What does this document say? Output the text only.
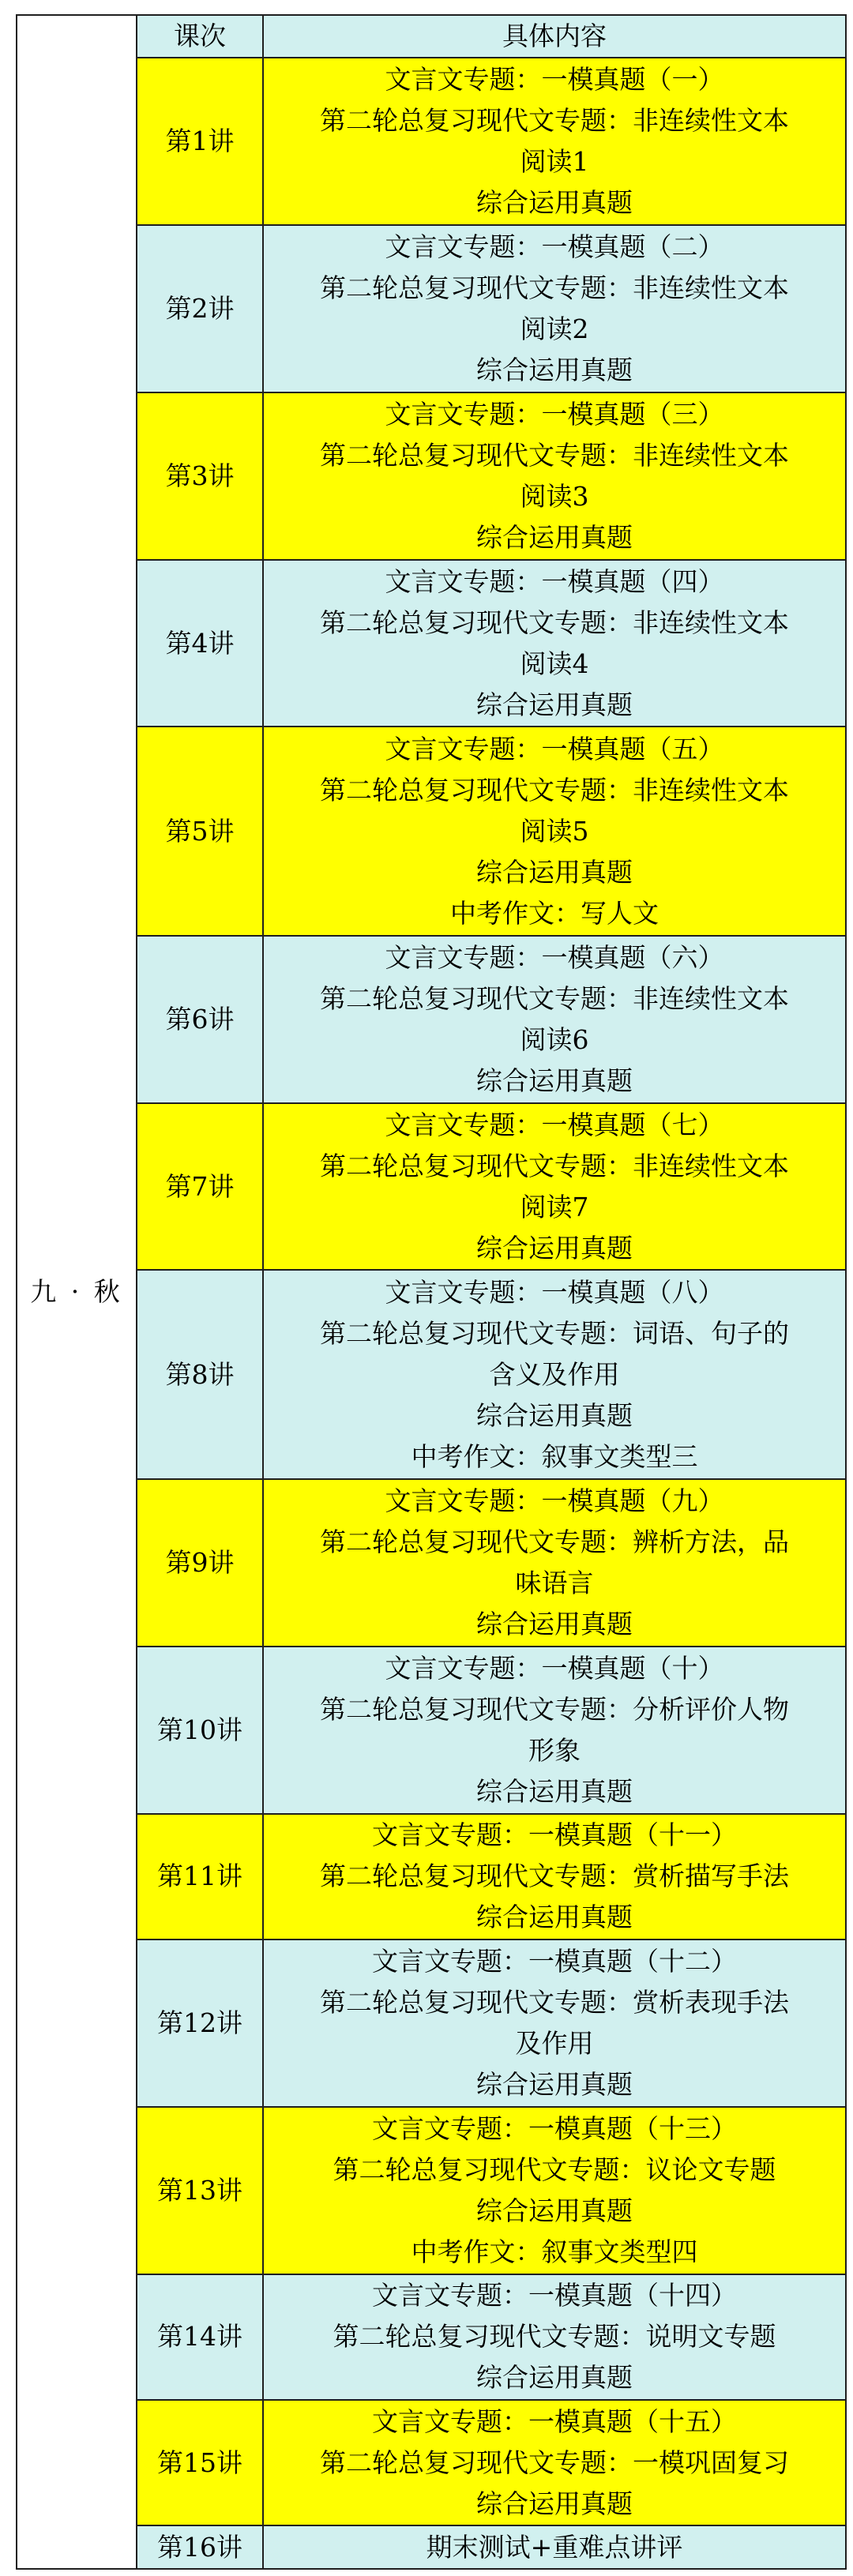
九 · 秋	课次	具体内容
	第1讲	文言文专题：一模真题（一）
第二轮总复习现代文专题：非连续性文本
阅读1
综合运用真题

	第2讲	文言文专题：一模真题（二）
第二轮总复习现代文专题：非连续性文本
阅读2
综合运用真题

	第3讲	文言文专题：一模真题（三）
第二轮总复习现代文专题：非连续性文本
阅读3
综合运用真题

	第4讲	文言文专题：一模真题（四）
第二轮总复习现代文专题：非连续性文本
阅读4
综合运用真题

	第5讲	文言文专题：一模真题（五）
第二轮总复习现代文专题：非连续性文本
阅读5
综合运用真题
中考作文：写人文

	第6讲	文言文专题：一模真题（六）
第二轮总复习现代文专题：非连续性文本
阅读6
综合运用真题

	第7讲	文言文专题：一模真题（七）
第二轮总复习现代文专题：非连续性文本
阅读7
综合运用真题

	第8讲	文言文专题：一模真题（八）
第二轮总复习现代文专题：词语、句子的
含义及作用
综合运用真题
中考作文：叙事文类型三

	第9讲	文言文专题：一模真题（九）
第二轮总复习现代文专题：辨析方法，品
味语言
综合运用真题

	第10讲	文言文专题：一模真题（十）
第二轮总复习现代文专题：分析评价人物
形象
综合运用真题

	第11讲	文言文专题：一模真题（十一）
第二轮总复习现代文专题：赏析描写手法
综合运用真题

	第12讲	文言文专题：一模真题（十二）
第二轮总复习现代文专题：赏析表现手法
及作用
综合运用真题

	第13讲	文言文专题：一模真题（十三）
第二轮总复习现代文专题：议论文专题
综合运用真题
中考作文：叙事文类型四

	第14讲	文言文专题：一模真题（十四）
第二轮总复习现代文专题：说明文专题
综合运用真题

	第15讲	文言文专题：一模真题（十五）
第二轮总复习现代文专题：一模巩固复习
综合运用真题

	第16讲	期末测试+重难点讲评
